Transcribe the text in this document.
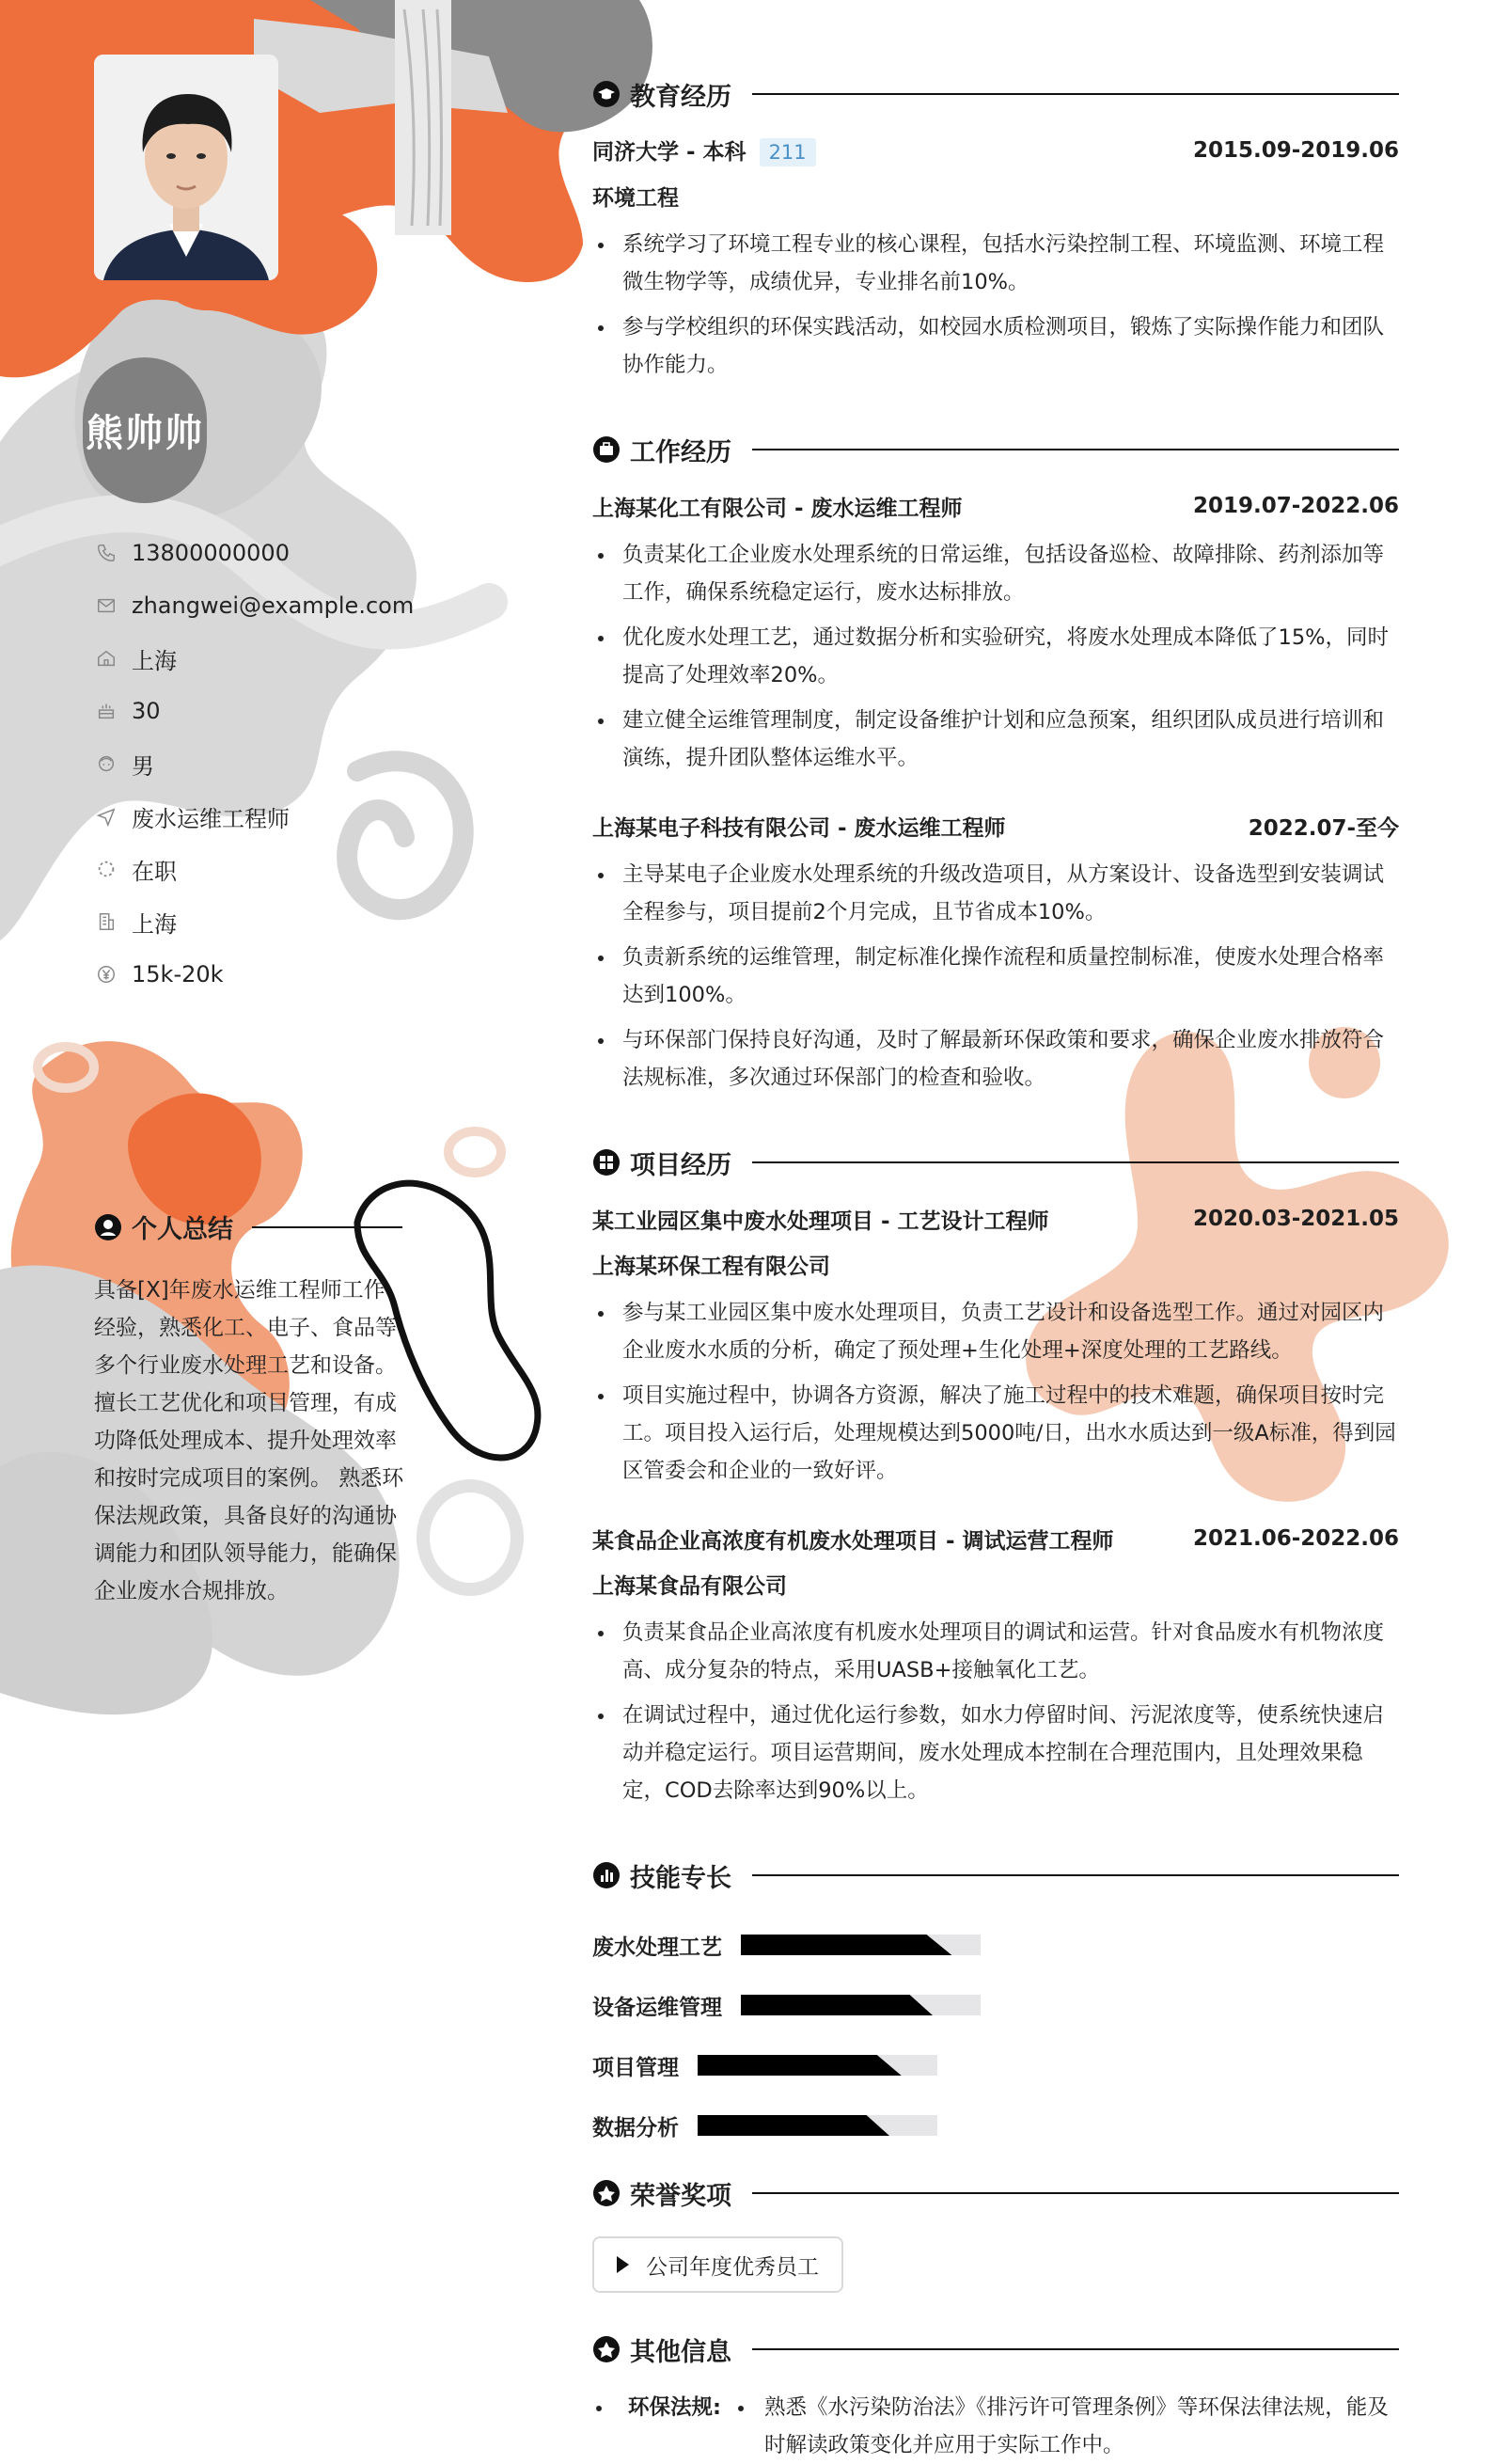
熊帅帅
13800000000
zhangwei@example.com
上海
30
男
废水运维工程师
在职
上海
15k-20k
个人总结

具备[X]年废水运维工程师工作经验，熟悉化工、电子、食品等多个行业废水处理工艺和设备。 擅长工艺优化和项目管理，有成功降低处理成本、提升处理效率和按时完成项目的案例。 熟悉环保法规政策，具备良好的沟通协调能力和团队领导能力，能确保企业废水合规排放。

教育经历
同济大学 - 本科 211	2015.09-2019.06
环境工程
系统学习了环境工程专业的核心课程，包括水污染控制工程、环境监测、环境工程微生物学等，成绩优异，专业排名前10%。
参与学校组织的环保实践活动，如校园水质检测项目，锻炼了实际操作能力和团队协作能力。
工作经历
上海某化工有限公司 - 废水运维工程师	2019.07-2022.06
负责某化工企业废水处理系统的日常运维，包括设备巡检、故障排除、药剂添加等工作，确保系统稳定运行，废水达标排放。
优化废水处理工艺，通过数据分析和实验研究，将废水处理成本降低了15%，同时提高了处理效率20%。
建立健全运维管理制度，制定设备维护计划和应急预案，组织团队成员进行培训和演练，提升团队整体运维水平。
上海某电子科技有限公司 - 废水运维工程师	2022.07-至今
主导某电子企业废水处理系统的升级改造项目，从方案设计、设备选型到安装调试全程参与，项目提前2个月完成，且节省成本10%。
负责新系统的运维管理，制定标准化操作流程和质量控制标准，使废水处理合格率达到100%。
与环保部门保持良好沟通，及时了解最新环保政策和要求，确保企业废水排放符合法规标准，多次通过环保部门的检查和验收。
项目经历
某工业园区集中废水处理项目 - 工艺设计工程师	2020.03-2021.05
上海某环保工程有限公司
参与某工业园区集中废水处理项目，负责工艺设计和设备选型工作。通过对园区内企业废水水质的分析，确定了预处理+生化处理+深度处理的工艺路线。
项目实施过程中，协调各方资源，解决了施工过程中的技术难题，确保项目按时完工。项目投入运行后，处理规模达到5000吨/日，出水水质达到一级A标准，得到园区管委会和企业的一致好评。
某食品企业高浓度有机废水处理项目 - 调试运营工程师	2021.06-2022.06
上海某食品有限公司
负责某食品企业高浓度有机废水处理项目的调试和运营。针对食品废水有机物浓度高、成分复杂的特点，采用UASB+接触氧化工艺。
在调试过程中，通过优化运行参数，如水力停留时间、污泥浓度等，使系统快速启动并稳定运行。项目运营期间，废水处理成本控制在合理范围内，且处理效果稳定，COD去除率达到90%以上。
技能专长
废水处理工艺
设备运维管理
项目管理
数据分析
荣誉奖项
公司年度优秀员工
其他信息
环保法规: 熟悉《水污染防治法》《排污许可管理条例》等环保法律法规，能及时解读政策变化并应用于实际工作中。
